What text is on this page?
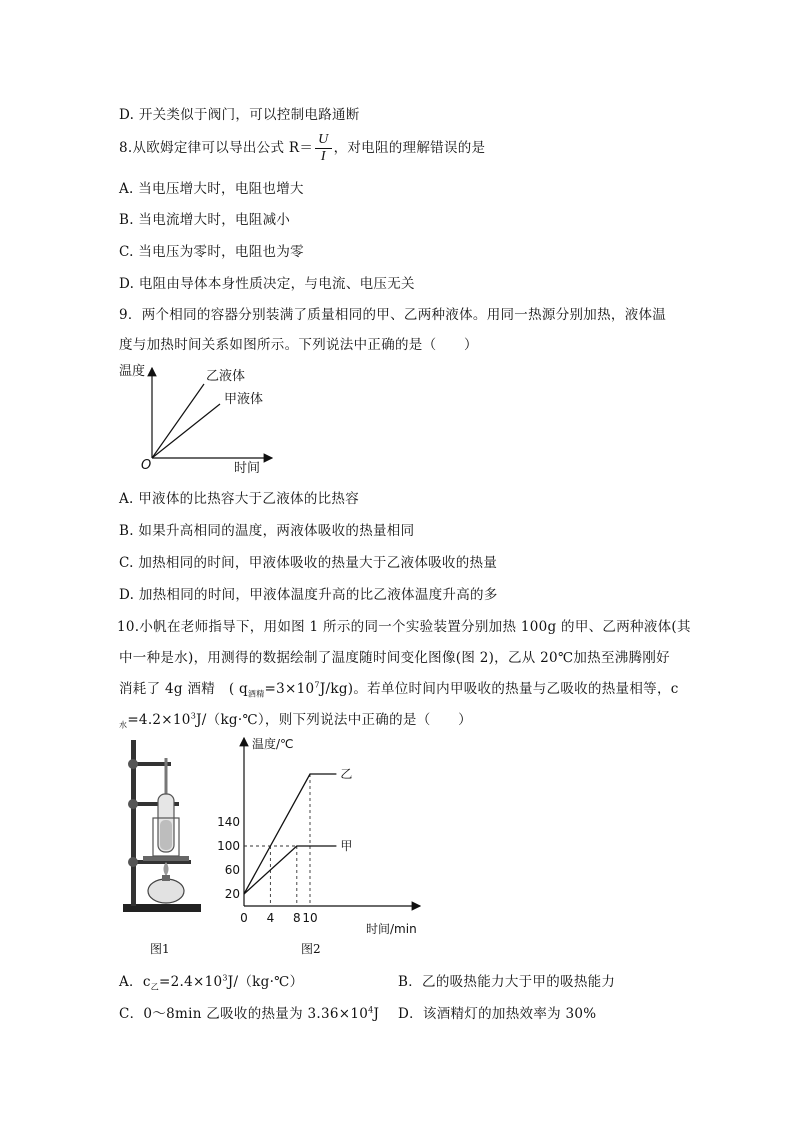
D. 开关类似于阀门，可以控制电路通断
8.从欧姆定律可以导出公式 $R= \frac{U}{I}$ ，对电阻的理解错误的是
A. 当电压增大时，电阻也增大
B. 当电流增大时，电阻减小
C. 当电压为零时，电阻也为零
D. 电阻由导体本身性质决定，与电流、电压无关
9．两个相同的容器分别装满了质量相同的甲、乙两种液体。用同一热源分别加热，液体温
度与加热时间关系如图所示。下列说法中正确的是（　　）
温度	乙液体
甲液体
O	时间
A. 甲液体的比热容大于乙液体的比热容
B. 如果升高相同的温度，两液体吸收的热量相同
C. 加热相同的时间，甲液体吸收的热量大于乙液体吸收的热量
D. 加热相同的时间，甲液体温度升高的比乙液体温度升高的多
10.小帆在老师指导下，用如图 1 所示的同一个实验装置分别加热 100g 的甲、乙两种液体(其
中一种是水)，用测得的数据绘制了温度随时间变化图像(图 2)，乙从 20℃加热至沸腾刚好
消耗了 4g 酒精　( $q_{酒精}=3\times 10^7J/kg$)。若单位时间内甲吸收的热量与乙吸收的热量相等，c
$_水=4.2\times 10^3J/(kg\cdot℃)$，则下列说法中正确的是（　　）
图1
乙
甲
20
60
100
140
0 4 8 10
温度/℃
时间/min
图2
A．$c_乙=2.4\times 10^3J/(kg\cdot℃)$	B．乙的吸热能力大于甲的吸热能力
C．0～8min 乙吸收的热量为 $3.36\times 10^4J$ D．该酒精灯的加热效率为 30%
